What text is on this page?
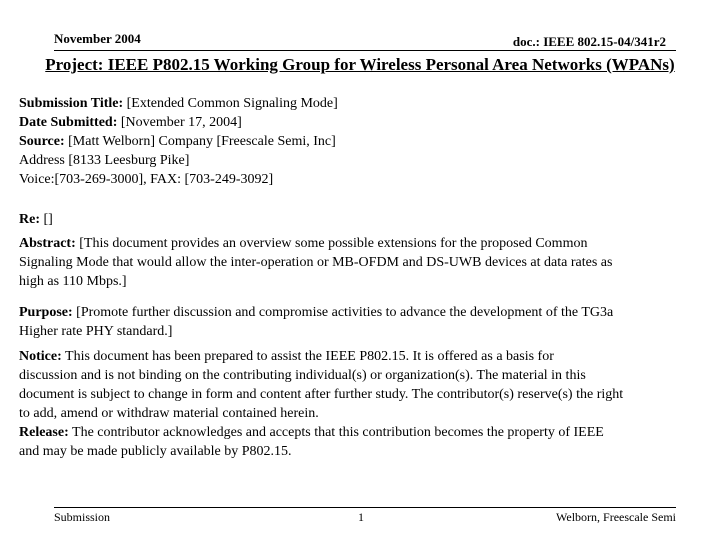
November 2004	doc.: IEEE 802.15-04/341r2
Project: IEEE P802.15 Working Group for Wireless Personal Area Networks (WPANs)
Submission Title: [Extended Common Signaling Mode]
Date Submitted: [November 17, 2004]
Source: [Matt Welborn] Company [Freescale Semi, Inc]
Address [8133 Leesburg Pike]
Voice:[703-269-3000], FAX: [703-249-3092]
Re: []
Abstract: [This document provides an overview some possible extensions for the proposed Common
Signaling Mode that would allow the inter-operation or MB-OFDM and DS-UWB devices at data rates as
high as 110 Mbps.]
Purpose: [Promote further discussion and compromise activities to advance the development of the TG3a
Higher rate PHY standard.]
Notice: This document has been prepared to assist the IEEE P802.15. It is offered as a basis for
discussion and is not binding on the contributing individual(s) or organization(s). The material in this
document is subject to change in form and content after further study. The contributor(s) reserve(s) the right
to add, amend or withdraw material contained herein.
Release: The contributor acknowledges and accepts that this contribution becomes the property of IEEE
and may be made publicly available by P802.15.
Submission	1	Welborn, Freescale Semi
